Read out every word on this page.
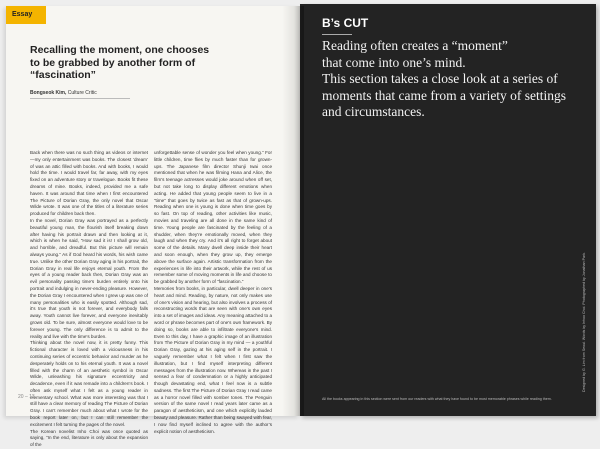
Essay
Recalling the moment, one chooses to be grabbed by another form of “fascination”
Bongseok Kim, Culture Critic

Back when there was no such thing as videos or internet —my only entertainment was books. The closest ‘dream’ of was an attic filled with books. And with books, I would hold the time. I would travel far, far away, with my eyes fixed on an adventure story or travelogue. Books fit these dreams of mine. Books, indeed, provided me a safe haven. It was around that time when I first encountered The Picture of Dorian Gray, the only novel that Oscar Wilde wrote. It was one of the titles of a literature series produced for children back then.

In the novel, Dorian Gray was portrayed as a perfectly beautiful young man, the flourish itself breaking down after having his portrait drawn and then looking at it, which is when he said, “How sad it is! I shall grow old, and horrible, and dreadful. But this picture will remain always young.” As if God heard his words, his wish came true. Unlike the other Dorian Gray aging in his portrait, the Dorian Gray in real life enjoys eternal youth. From the eyes of a young reader back then, Dorian Gray was an evil personality passing time’s burden entirely onto his portrait and indulging in never-ending pleasure. However, the Dorian Gray I encountered when I grew up was one of many personalities who is easily spotted. Although sad, it’s true that youth is not forever, and everybody falls away. Youth cannot live forever, and everyone inevitably grows old. To be sure, almost everyone would love to be forever young. The only difference is to admit to the reality and live with the time’s burden.

Thinking about the novel now, it is pretty funny. This fictional character is loved with a viciousness in his continuing series of eccentric behavior and murder as he desperately holds on to his eternal youth. It was a novel filled with the charm of an aesthetic symbol in Oscar Wilde, unleashing his signature eccentricity and decadence, even if it was remade into a children’s book. I often ask myself what I felt as a young reader in elementary school. What was more interesting was that I still have a clear memory of reading The Picture of Dorian Gray. I can’t remember much about what I wrote for the book report later on, but I can still remember the excitement I felt turning the pages of the novel.

The Korean novelist Inho Choi was once quoted as saying, “In the end, literature is only about the expansion of the

unforgettable sense of wonder you feel when young.” For little children, time flies by much faster than for grown-ups. The Japanese film director Shunji Iwai once mentioned that when he was filming Hana and Alice, the film’s teenage actresses would joke around when off set, but not take long to display different emotions when acting. He added that young people seem to live in a “time” that goes by twice as fast as that of grown-ups. Reading when one is young is done when time goes by so fast. On top of reading, other activities like music, movies and traveling are all done in the same kind of time. Young people are fascinated by the feeling of a shudder, when they’re emotionally moved, when they laugh and when they cry. And it’s all right to forget about some of the details. Many dwell deep inside their heart and soon enough, when they grow up, they emerge above the surface again. Artistic transformation from the experiences in life into their artwork, while the rest of us remember some of moving moments in life and choose to be grabbed by another form of “fascination.”

Memories from books, in particular, dwell deeper in one’s heart and mind. Reading, by nature, not only makes use of one’s vision and hearing, but also involves a process of reconstructing words that are seen with one’s own eyes into a set of images and ideas. Any meaning attached to a word or phrase becomes part of one’s own framework. By doing so, books are able to infiltrate everyone’s mind. Even to this day, I have a graphic image of an illustration from The Picture of Dorian Gray in my mind — a youthful Dorian Gray, gazing at his aging self in the portrait. I vaguely remember what I felt when I first saw the illustration, but I find myself interpreting different messages from the illustration now. Whereas in the past I sensed a fear of condemnation or a highly anticipated though devastating end, what I feel now is a subtle sadness. The first The Picture of Dorian Gray I read came as a horror novel filled with somber tones. The Penguin version of the same novel I read years later came as a paragon of aestheticism, and one which explicitly lauded beauty and pleasure. Rather than being swayed with fear, I now find myself inclined to agree with the author’s explicit notion of aestheticism.

20 – 13
B’s CUT

Reading often creates a “moment”

that come into one’s mind.

This section takes a close look at a series of

moments that came from a variety of settings

and circumstances.

Designed by G. Lim from Seoul. Words by Inhoo Choi. Photographed by Jonathan Park.
All the books appearing in this section were sent from our readers with what they have found to be most memorable phrases while reading them.
